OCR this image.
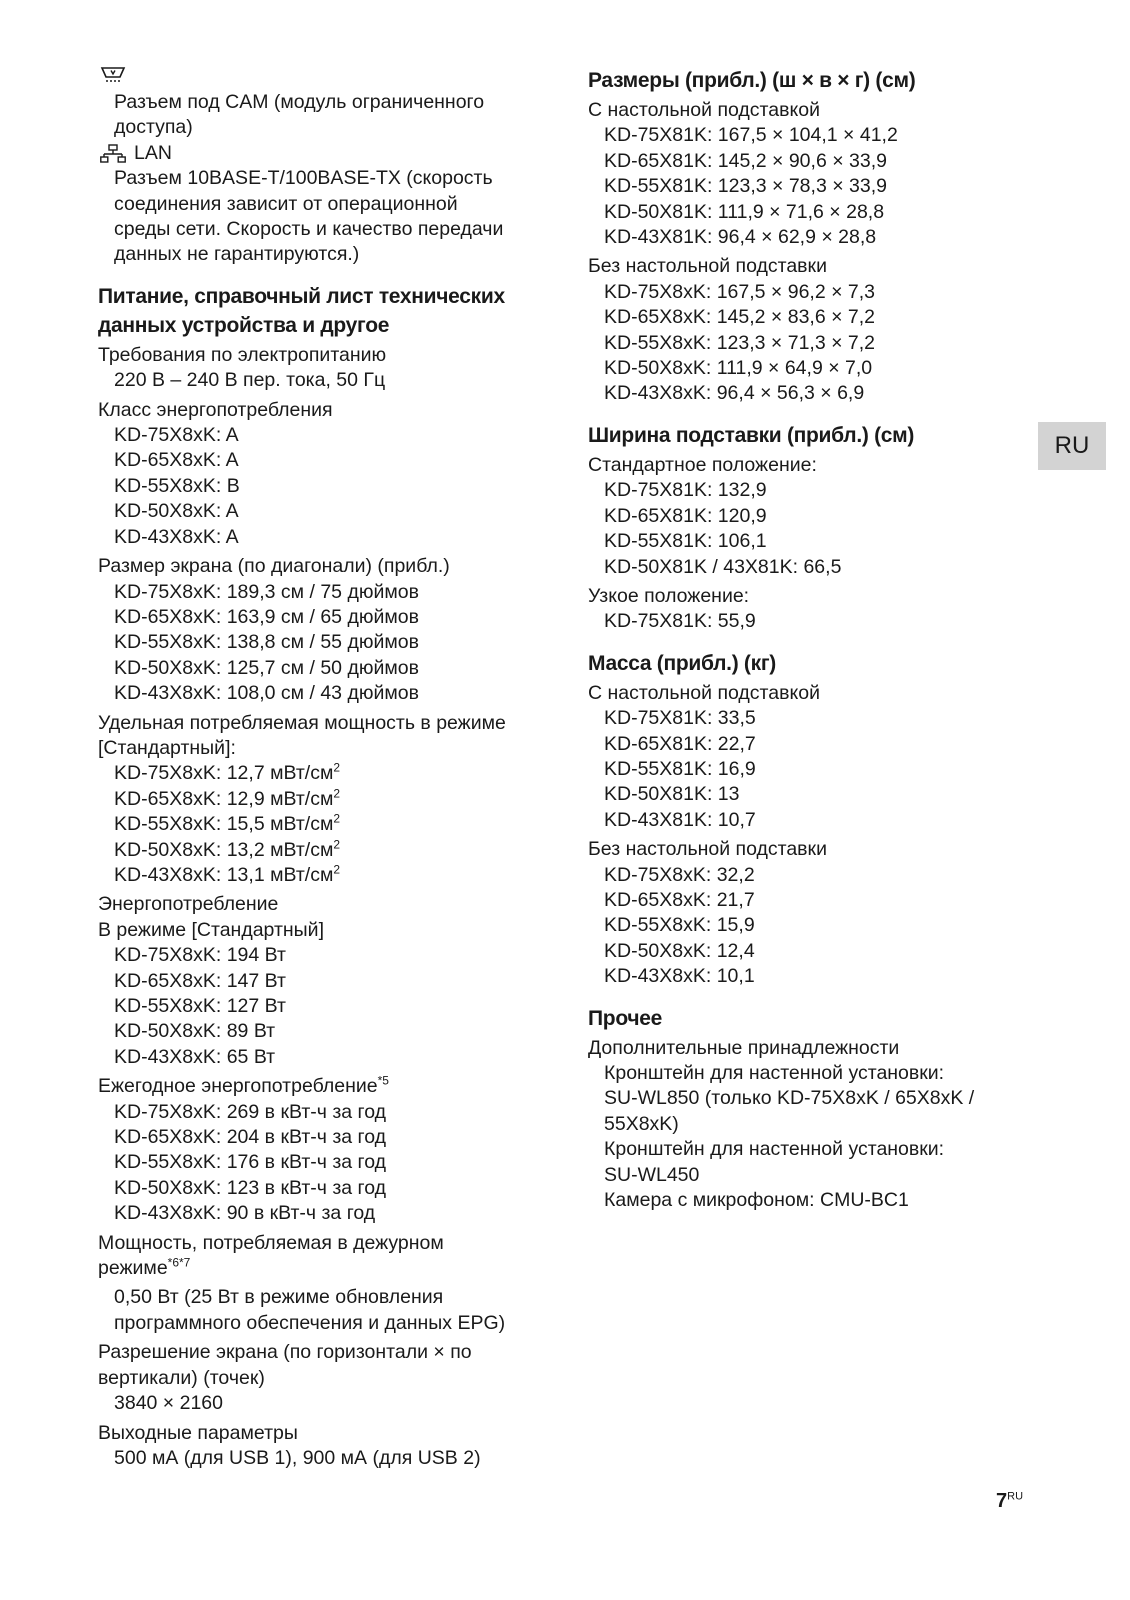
Разъем под CAM (модуль ограниченного
доступа)
LAN
Разъем 10BASE-T/100BASE-TX (скорость
соединения зависит от операционной
среды сети. Скорость и качество передачи
данных не гарантируются.)
Питание, справочный лист технических
данных устройства и другое
Требования по электропитанию
220 В – 240 В пер. тока, 50 Гц
Класс энергопотребления
KD-75X8xK: A
KD-65X8xK: A
KD-55X8xK: B
KD-50X8xK: A
KD-43X8xK: A
Размер экрана (по диагонали) (прибл.)
KD-75X8xK: 189,3 см / 75 дюймов
KD-65X8xK: 163,9 см / 65 дюймов
KD-55X8xK: 138,8 см / 55 дюймов
KD-50X8xK: 125,7 см / 50 дюймов
KD-43X8xK: 108,0 см / 43 дюймов
Удельная потребляемая мощность в режиме
[Стандартный]:
KD-75X8xK: 12,7 мВт/$см^2$
KD-65X8xK: 12,9 мВт/$см^2$
KD-55X8xK: 15,5 мВт/$см^2$
KD-50X8xK: 13,2 мВт/$см^2$
KD-43X8xK: 13,1 мВт/$см^2$
Энергопотребление
В режиме [Стандартный]
KD-75X8xK: 194 Вт
KD-65X8xK: 147 Вт
KD-55X8xK: 127 Вт
KD-50X8xK: 89 Вт
KD-43X8xK: 65 Вт
Ежегодное энергопотребление$^{*5}$
KD-75X8xK: 269 в кВт-ч за год
KD-65X8xK: 204 в кВт-ч за год
KD-55X8xK: 176 в кВт-ч за год
KD-50X8xK: 123 в кВт-ч за год
KD-43X8xK: 90 в кВт-ч за год
Мощность, потребляемая в дежурном
режиме$^{*6*7}$
0,50 Вт (25 Вт в режиме обновления
программного обеспечения и данных EPG)
Разрешение экрана (по горизонтали × по
вертикали) (точек)
3840 × 2160
Выходные параметры
500 мА (для USB 1), 900 мА (для USB 2)
Размеры (прибл.) (ш × в × г) (см)
С настольной подставкой
KD-75X81K: 167,5 × 104,1 × 41,2
KD-65X81K: 145,2 × 90,6 × 33,9
KD-55X81K: 123,3 × 78,3 × 33,9
KD-50X81K: 111,9 × 71,6 × 28,8
KD-43X81K: 96,4 × 62,9 × 28,8
Без настольной подставки
KD-75X8xK: 167,5 × 96,2 × 7,3
KD-65X8xK: 145,2 × 83,6 × 7,2
KD-55X8xK: 123,3 × 71,3 × 7,2
KD-50X8xK: 111,9 × 64,9 × 7,0
KD-43X8xK: 96,4 × 56,3 × 6,9
Ширина подставки (прибл.) (см)
Стандартное положение:
KD-75X81K: 132,9
KD-65X81K: 120,9
KD-55X81K: 106,1
KD-50X81K / 43X81K: 66,5
Узкое положение:
KD-75X81K: 55,9
Масса (прибл.) (кг)
С настольной подставкой
KD-75X81K: 33,5
KD-65X81K: 22,7
KD-55X81K: 16,9
KD-50X81K: 13
KD-43X81K: 10,7
Без настольной подставки
KD-75X8xK: 32,2
KD-65X8xK: 21,7
KD-55X8xK: 15,9
KD-50X8xK: 12,4
KD-43X8xK: 10,1
Прочее
Дополнительные принадлежности
Кронштейн для настенной установки:
SU-WL850 (только KD-75X8xK / 65X8xK /
55X8xK)
Кронштейн для настенной установки:
SU-WL450
Камера с микрофоном: CMU-BC1
RU
$7^{RU}$
